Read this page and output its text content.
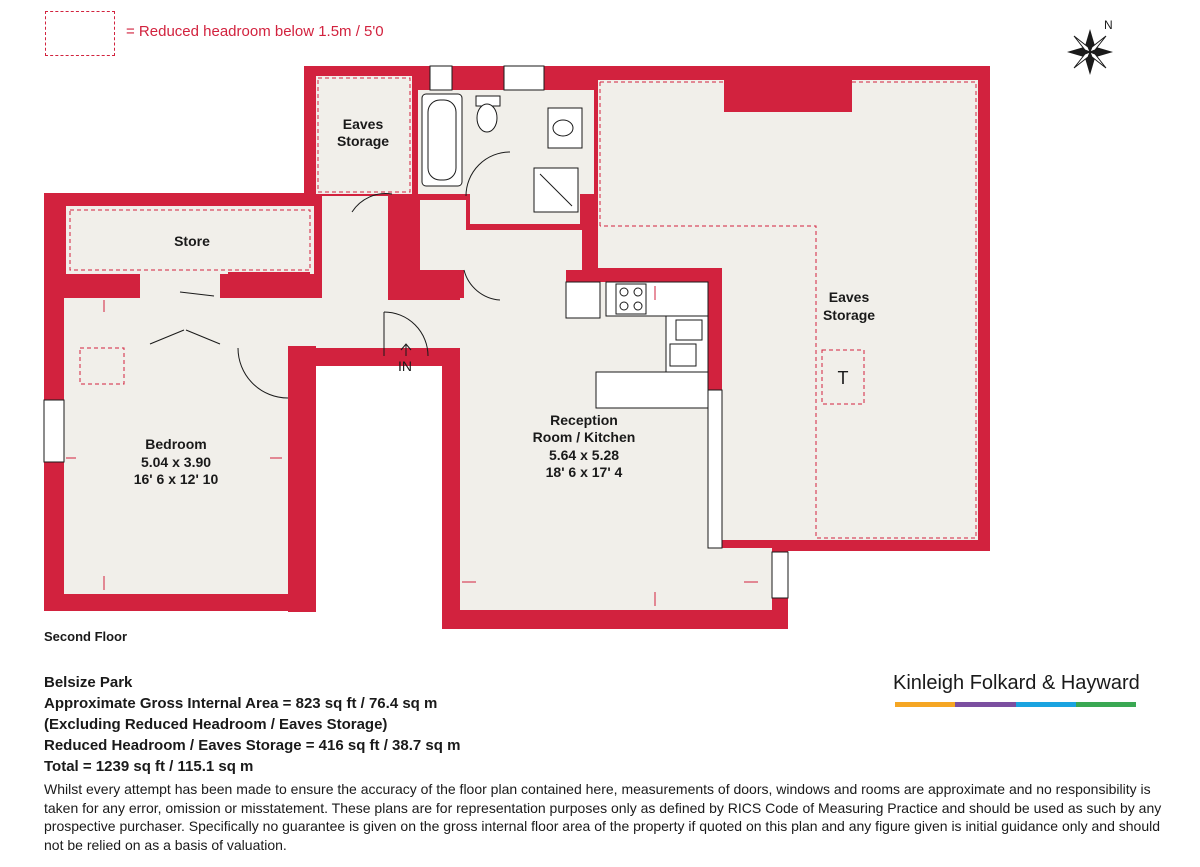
= Reduced headroom below 1.5m / 5'0	N
T
Eaves
Storage
Store
Eaves
Storage
Bedroom
5.04 x 3.90
16' 6 x 12' 10
Reception
Room / Kitchen
5.64 x 5.28
18' 6 x 17' 4
IN
Second Floor
Belsize Park
Approximate Gross Internal Area = 823 sq ft / 76.4 sq m
(Excluding Reduced Headroom / Eaves Storage)
Reduced Headroom / Eaves Storage = 416 sq ft / 38.7 sq m
Total = 1239 sq ft / 115.1 sq m
Kinleigh Folkard & Hayward
Whilst every attempt has been made to ensure the accuracy of the floor plan contained here, measurements of doors, windows and rooms are approximate and no responsibility is taken for any error, omission or misstatement. These plans are for representation purposes only as defined by RICS Code of Measuring Practice and should be used as such by any prospective purchaser. Specifically no guarantee is given on the gross internal floor area of the property if quoted on this plan and any figure given is initial guidance only and should not be relied on as a basis of valuation.
